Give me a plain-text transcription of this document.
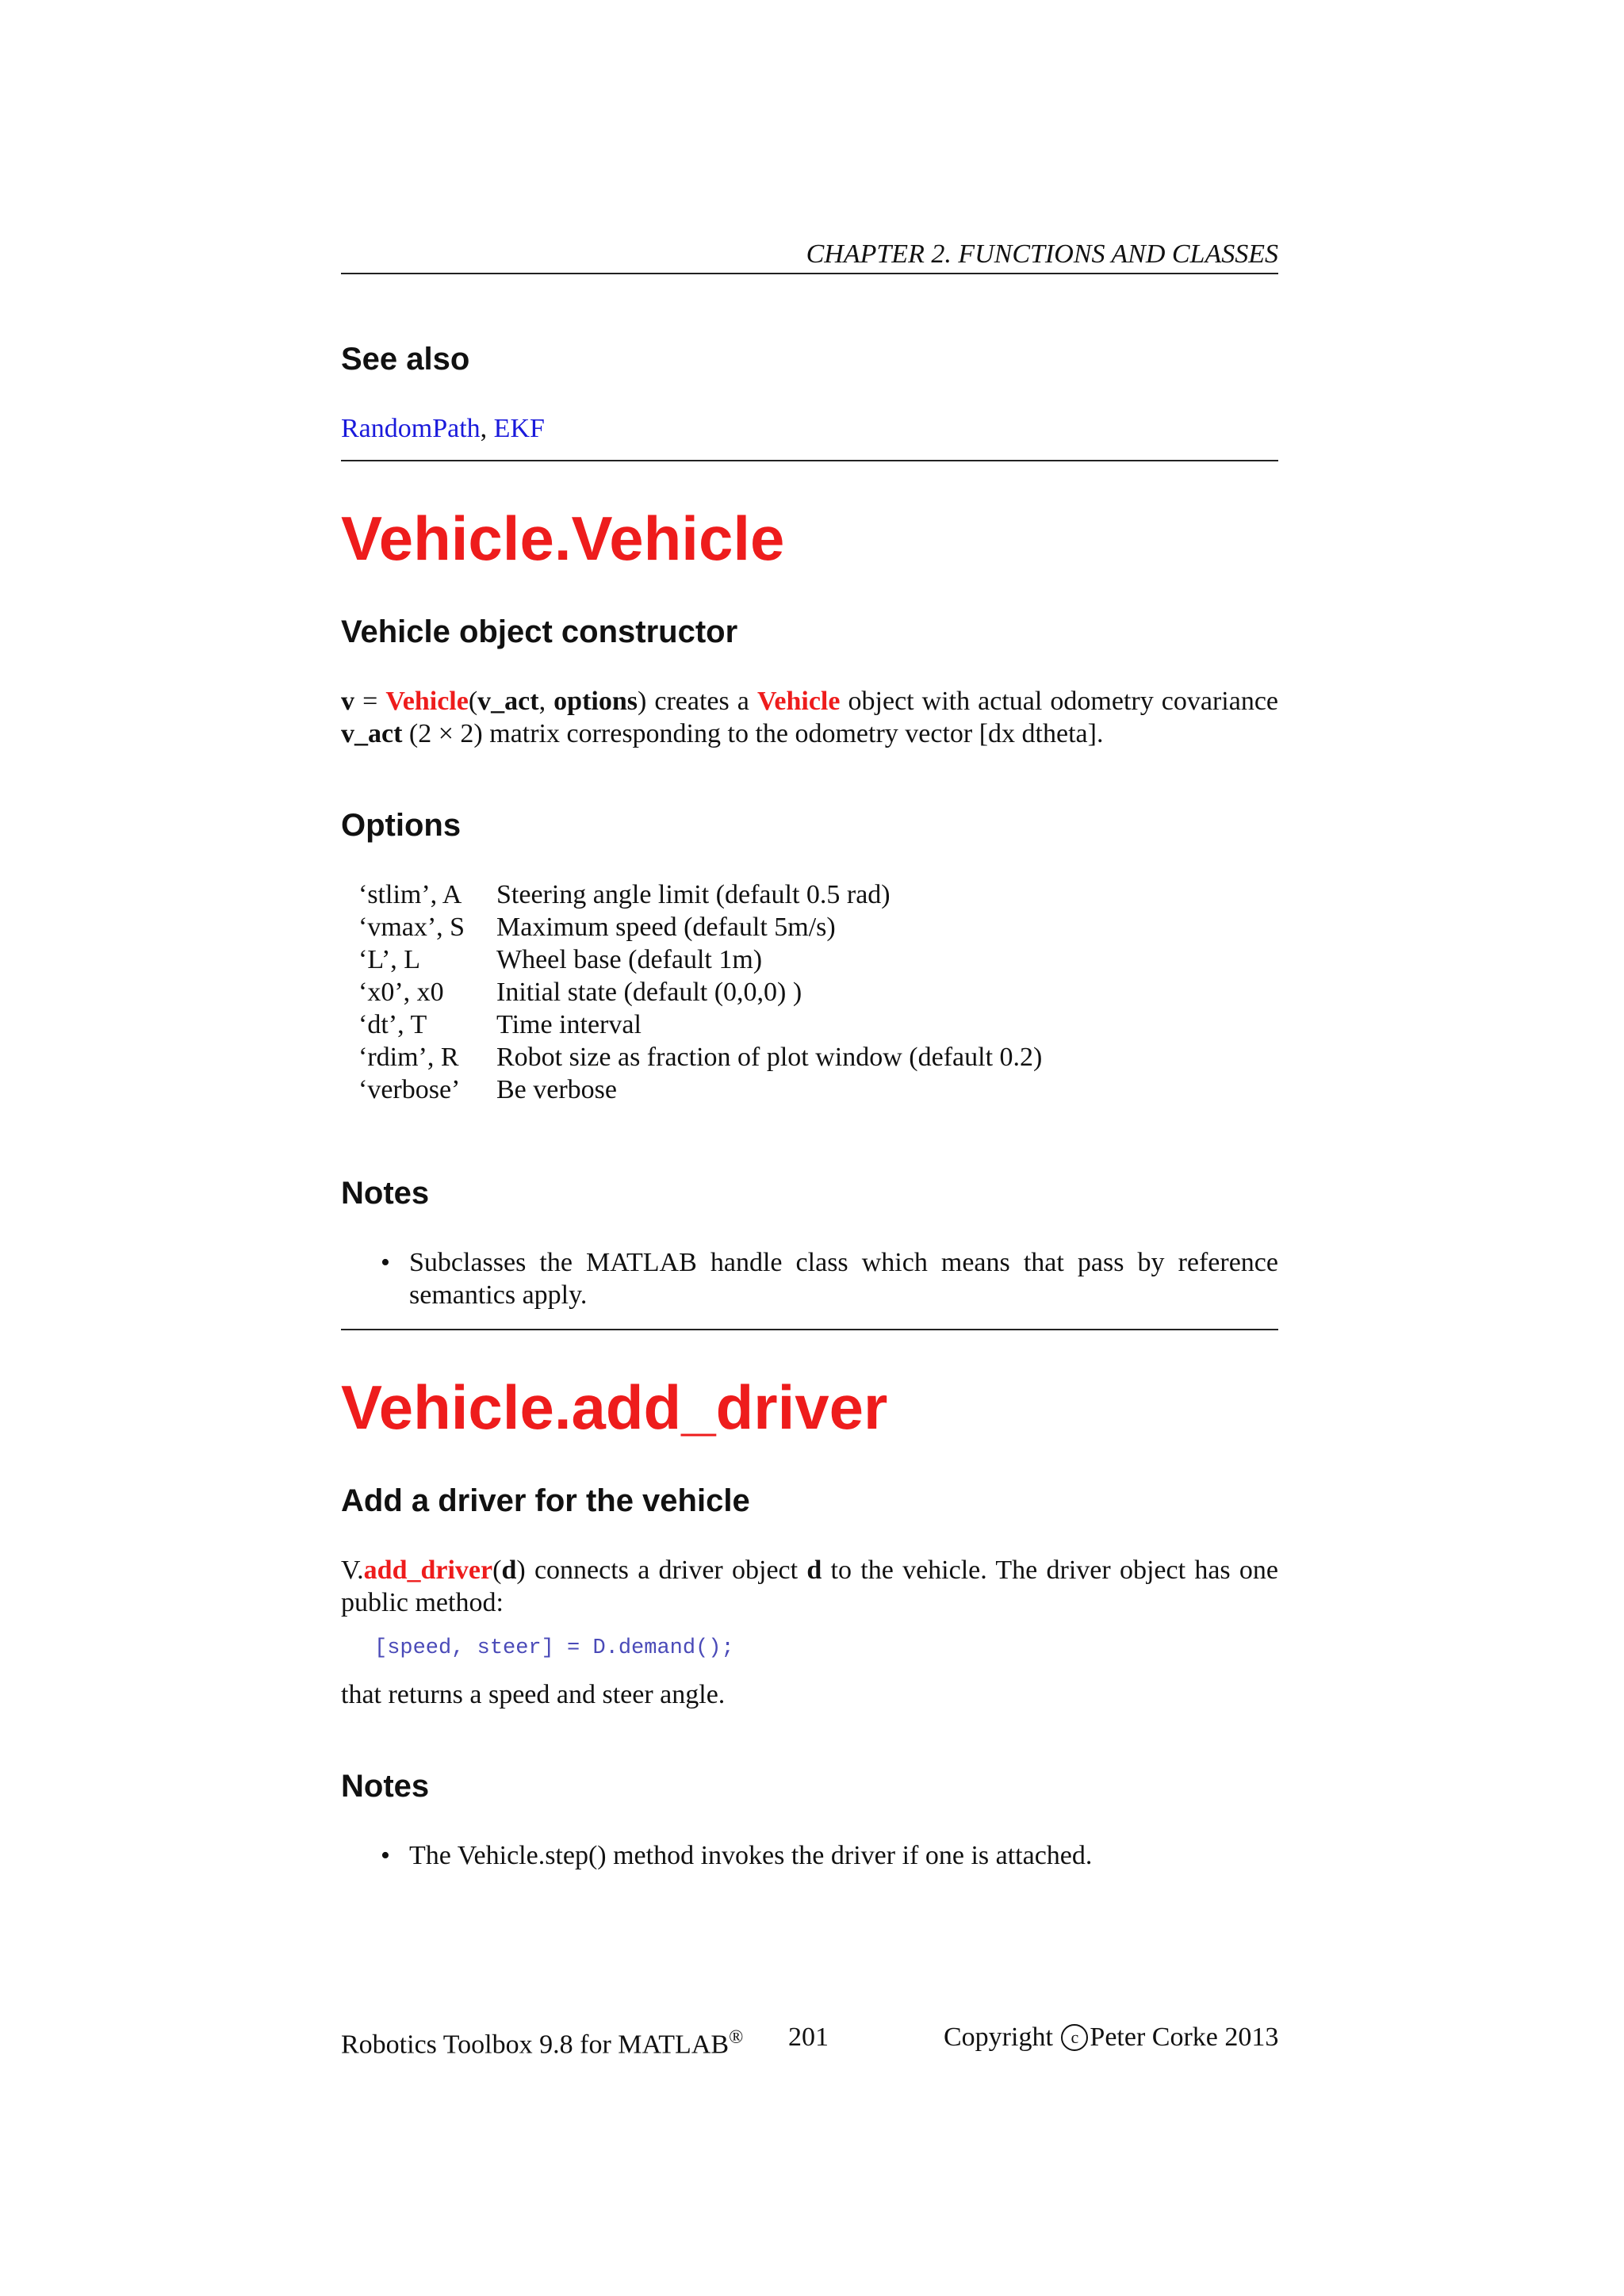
CHAPTER 2. FUNCTIONS AND CLASSES
See also
RandomPath, EKF
Vehicle.Vehicle
Vehicle object constructor
v = Vehicle(v_act, options) creates a Vehicle object with actual odometry covariance v_act (2 × 2) matrix corresponding to the odometry vector [dx dtheta].
Options
‘stlim’, A	Steering angle limit (default 0.5 rad)
‘vmax’, S	Maximum speed (default 5m/s)
‘L’, L	Wheel base (default 1m)
‘x0’, x0	Initial state (default (0,0,0) )
‘dt’, T	Time interval
‘rdim’, R	Robot size as fraction of plot window (default 0.2)
‘verbose’	Be verbose
Notes
• Subclasses the MATLAB handle class which means that pass by reference semantics apply.
Vehicle.add_driver
Add a driver for the vehicle
V.add_driver(d) connects a driver object d to the vehicle. The driver object has one public method:
[speed, steer] = D.demand();
that returns a speed and steer angle.
Notes
• The Vehicle.step() method invokes the driver if one is attached.
Robotics Toolbox 9.8 for MATLAB® 201	Copyright c Peter Corke 2013
